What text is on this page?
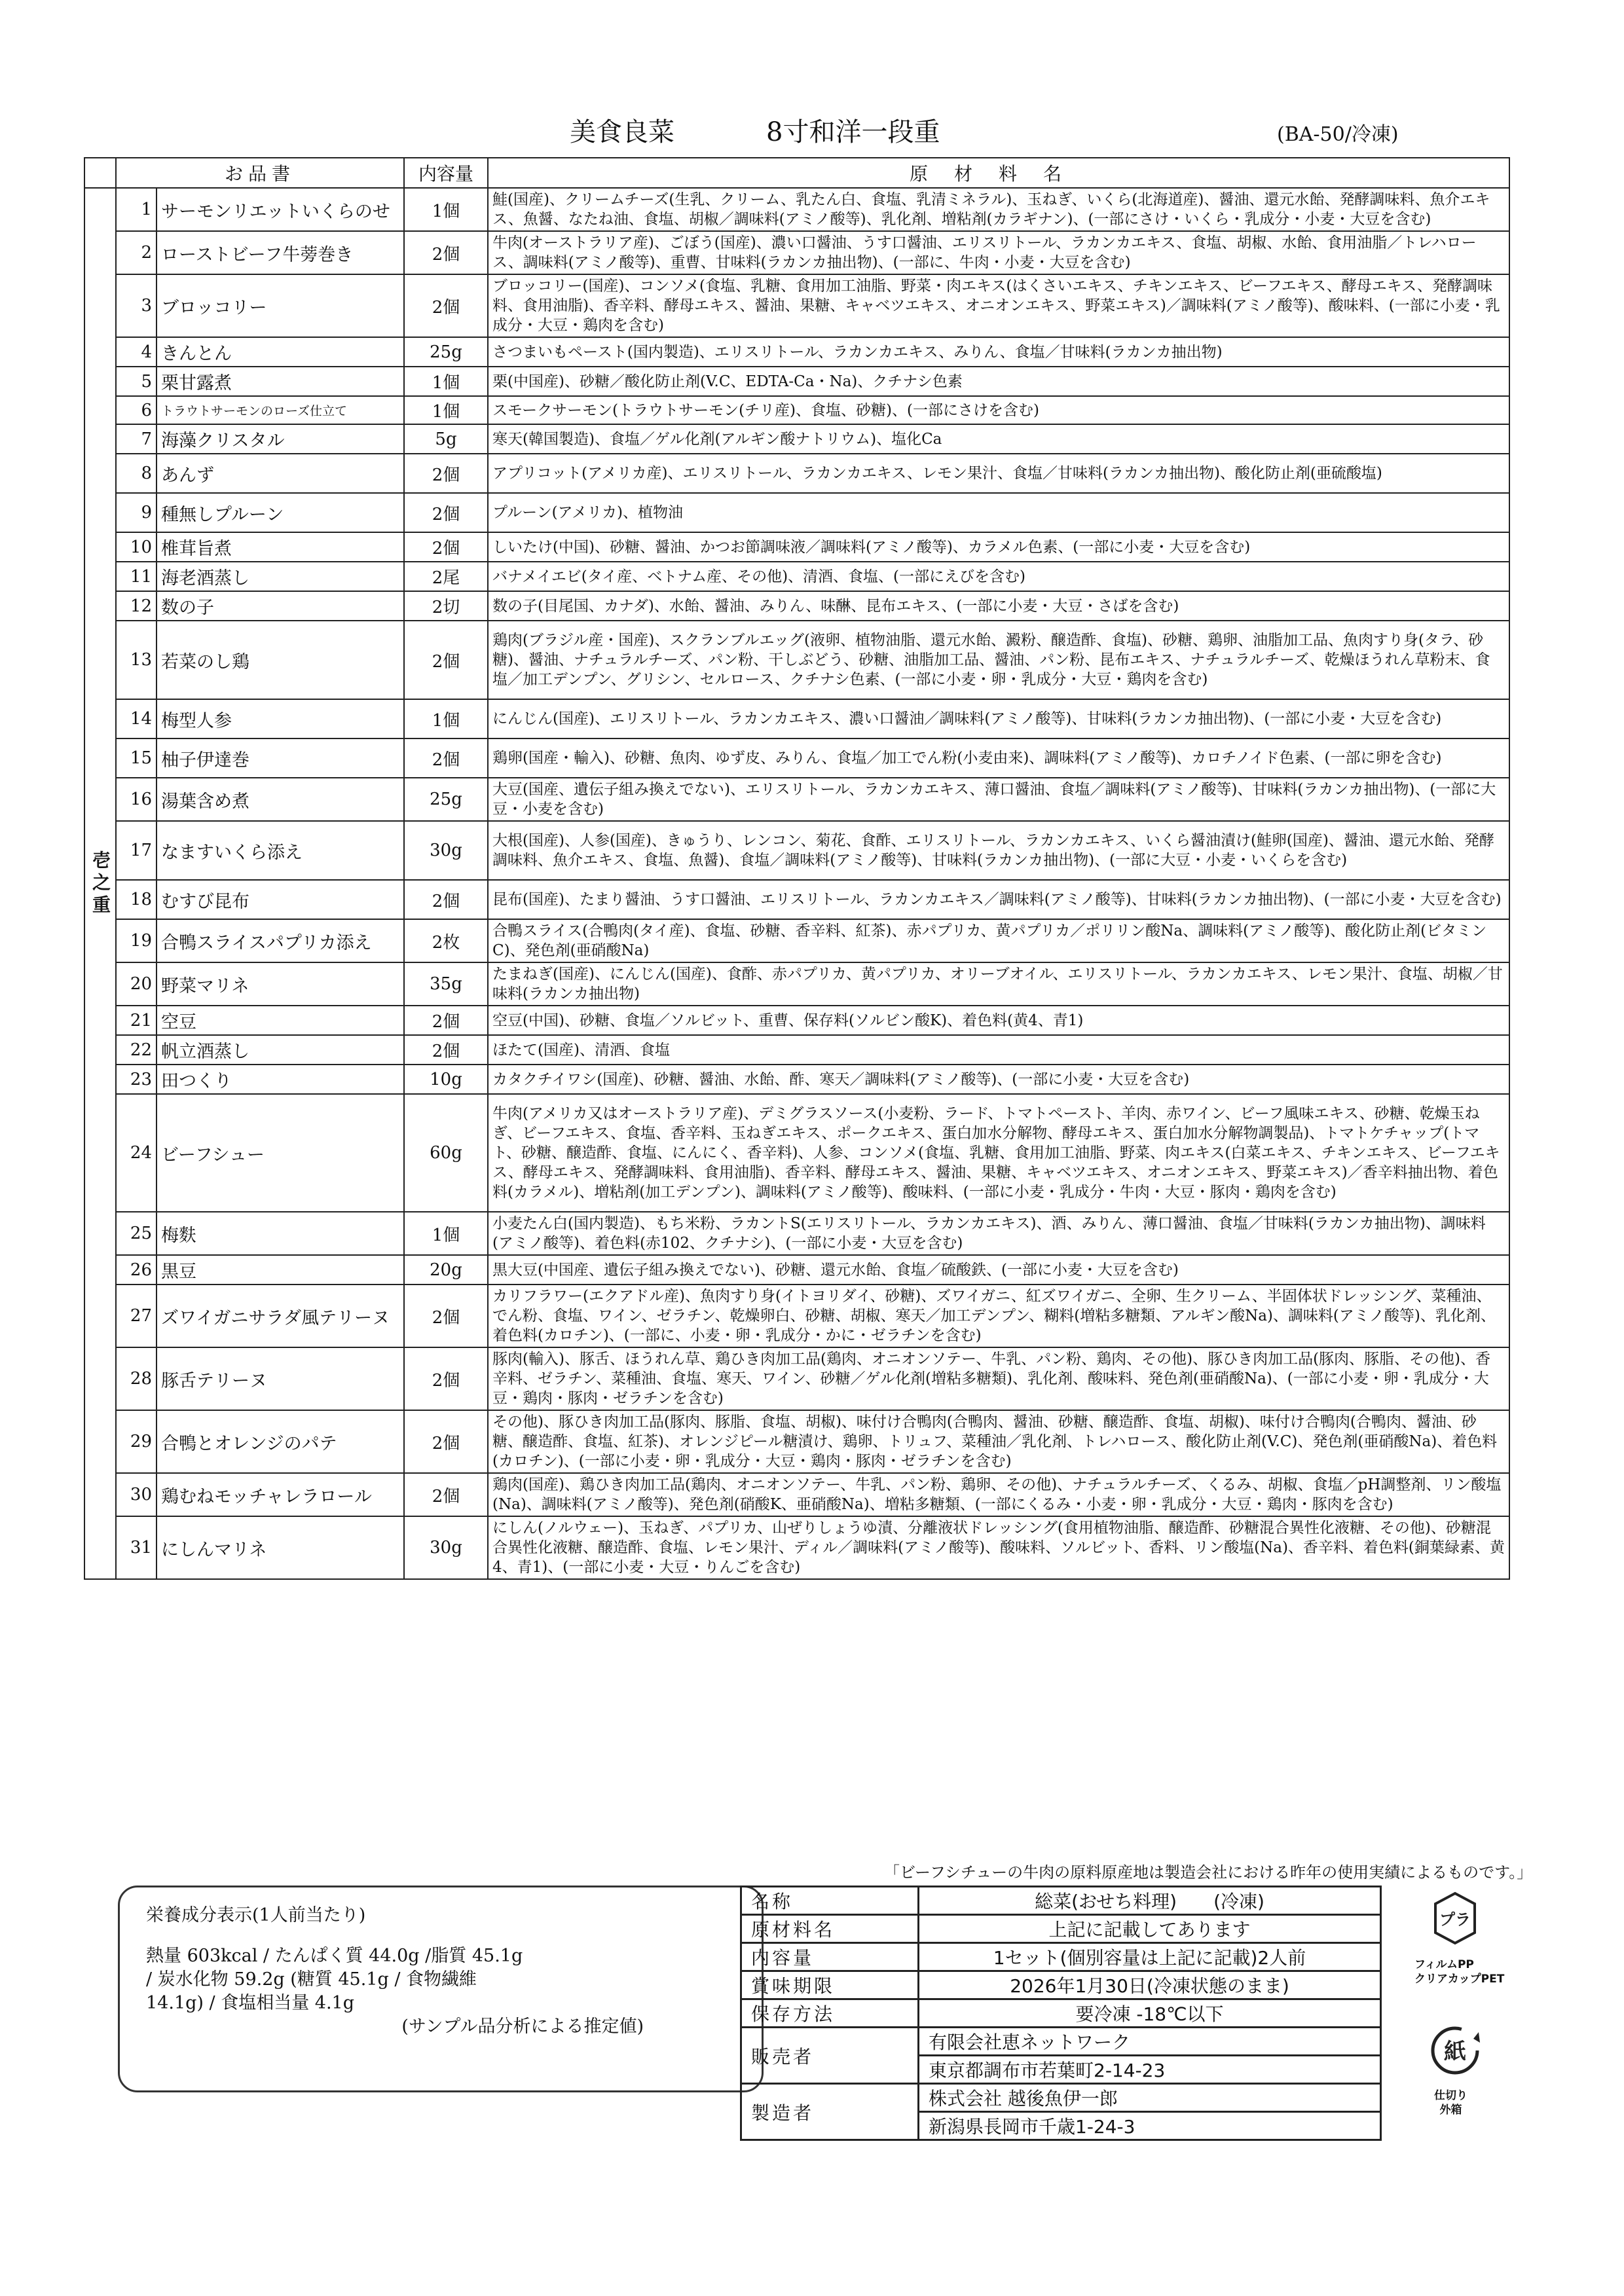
美食良菜	8寸和洋一段重	(BA-50/冷凍)
	お品書		内容量	原材料名
壱之重	1	サーモンリエットいくらのせ	1個	鮭(国産)、クリームチーズ(生乳、クリーム、乳たん白、食塩、乳清ミネラル)、玉ねぎ、いくら(北海道産)、醤油、還元水飴、発酵調味料、魚介エキス、魚醤、なたね油、食塩、胡椒／調味料(アミノ酸等)、乳化剤、増粘剤(カラギナン)、(一部にさけ・いくら・乳成分・小麦・大豆を含む)
	2	ローストビーフ牛蒡巻き	2個	牛肉(オーストラリア産)、ごぼう(国産)、濃い口醤油、うす口醤油、エリスリトール、ラカンカエキス、食塩、胡椒、水飴、食用油脂／トレハロース、調味料(アミノ酸等)、重曹、甘味料(ラカンカ抽出物)、(一部に、牛肉・小麦・大豆を含む)
	3	ブロッコリー	2個	ブロッコリー(国産)、コンソメ(食塩、乳糖、食用加工油脂、野菜・肉エキス(はくさいエキス、チキンエキス、ビーフエキス、酵母エキス、発酵調味料、食用油脂)、香辛料、酵母エキス、醤油、果糖、キャベツエキス、オニオンエキス、野菜エキス)／調味料(アミノ酸等)、酸味料、(一部に小麦・乳成分・大豆・鶏肉を含む)
	4	きんとん	25g	さつまいもペースト(国内製造)、エリスリトール、ラカンカエキス、みりん、食塩／甘味料(ラカンカ抽出物)
	5	栗甘露煮	1個	栗(中国産)、砂糖／酸化防止剤(V.C、EDTA-Ca・Na)、クチナシ色素
	6	トラウトサーモンのローズ仕立て	1個	スモークサーモン(トラウトサーモン(チリ産)、食塩、砂糖)、(一部にさけを含む)
	7	海藻クリスタル	5g	寒天(韓国製造)、食塩／ゲル化剤(アルギン酸ナトリウム)、塩化Ca
	8	あんず	2個	アプリコット(アメリカ産)、エリスリトール、ラカンカエキス、レモン果汁、食塩／甘味料(ラカンカ抽出物)、酸化防止剤(亜硫酸塩)
	9	種無しプルーン	2個	プルーン(アメリカ)、植物油
	10	椎茸旨煮	2個	しいたけ(中国)、砂糖、醤油、かつお節調味液／調味料(アミノ酸等)、カラメル色素、(一部に小麦・大豆を含む)
	11	海老酒蒸し	2尾	バナメイエビ(タイ産、ベトナム産、その他)、清酒、食塩、(一部にえびを含む)
	12	数の子	2切	数の子(目尾国、カナダ)、水飴、醤油、みりん、味醂、昆布エキス、(一部に小麦・大豆・さばを含む)
	13	若菜のし鶏	2個	鶏肉(ブラジル産・国産)、スクランブルエッグ(液卵、植物油脂、還元水飴、澱粉、醸造酢、食塩)、砂糖、鶏卵、油脂加工品、魚肉すり身(タラ、砂糖)、醤油、ナチュラルチーズ、パン粉、干しぶどう、砂糖、油脂加工品、醤油、パン粉、昆布エキス、ナチュラルチーズ、乾燥ほうれん草粉末、食塩／加工デンプン、グリシン、セルロース、クチナシ色素、(一部に小麦・卵・乳成分・大豆・鶏肉を含む)
	14	梅型人参	1個	にんじん(国産)、エリスリトール、ラカンカエキス、濃い口醤油／調味料(アミノ酸等)、甘味料(ラカンカ抽出物)、(一部に小麦・大豆を含む)
	15	柚子伊達巻	2個	鶏卵(国産・輸入)、砂糖、魚肉、ゆず皮、みりん、食塩／加工でん粉(小麦由来)、調味料(アミノ酸等)、カロチノイド色素、(一部に卵を含む)
	16	湯葉含め煮	25g	大豆(国産、遺伝子組み換えでない)、エリスリトール、ラカンカエキス、薄口醤油、食塩／調味料(アミノ酸等)、甘味料(ラカンカ抽出物)、(一部に大豆・小麦を含む)
	17	なますいくら添え	30g	大根(国産)、人参(国産)、きゅうり、レンコン、菊花、食酢、エリスリトール、ラカンカエキス、いくら醤油漬け(鮭卵(国産)、醤油、還元水飴、発酵調味料、魚介エキス、食塩、魚醤)、食塩／調味料(アミノ酸等)、甘味料(ラカンカ抽出物)、(一部に大豆・小麦・いくらを含む)
	18	むすび昆布	2個	昆布(国産)、たまり醤油、うす口醤油、エリスリトール、ラカンカエキス／調味料(アミノ酸等)、甘味料(ラカンカ抽出物)、(一部に小麦・大豆を含む)
	19	合鴨スライスパプリカ添え	2枚	合鴨スライス(合鴨肉(タイ産)、食塩、砂糖、香辛料、紅茶)、赤パプリカ、黄パプリカ／ポリリン酸Na、調味料(アミノ酸等)、酸化防止剤(ビタミンC)、発色剤(亜硝酸Na)
	20	野菜マリネ	35g	たまねぎ(国産)、にんじん(国産)、食酢、赤パプリカ、黄パプリカ、オリーブオイル、エリスリトール、ラカンカエキス、レモン果汁、食塩、胡椒／甘味料(ラカンカ抽出物)
	21	空豆	2個	空豆(中国)、砂糖、食塩／ソルビット、重曹、保存料(ソルビン酸K)、着色料(黄4、青1)
	22	帆立酒蒸し	2個	ほたて(国産)、清酒、食塩
	23	田つくり	10g	カタクチイワシ(国産)、砂糖、醤油、水飴、酢、寒天／調味料(アミノ酸等)、(一部に小麦・大豆を含む)
	24	ビーフシュー	60g	牛肉(アメリカ又はオーストラリア産)、デミグラスソース(小麦粉、ラード、トマトペースト、羊肉、赤ワイン、ビーフ風味エキス、砂糖、乾燥玉ねぎ、ビーフエキス、食塩、香辛料、玉ねぎエキス、ポークエキス、蛋白加水分解物、酵母エキス、蛋白加水分解物調製品)、トマトケチャップ(トマト、砂糖、醸造酢、食塩、にんにく、香辛料)、人参、コンソメ(食塩、乳糖、食用加工油脂、野菜、肉エキス(白菜エキス、チキンエキス、ビーフエキス、酵母エキス、発酵調味料、食用油脂)、香辛料、酵母エキス、醤油、果糖、キャベツエキス、オニオンエキス、野菜エキス)／香辛料抽出物、着色料(カラメル)、増粘剤(加工デンプン)、調味料(アミノ酸等)、酸味料、(一部に小麦・乳成分・牛肉・大豆・豚肉・鶏肉を含む)
	25	梅麩	1個	小麦たん白(国内製造)、もち米粉、ラカントS(エリスリトール、ラカンカエキス)、酒、みりん、薄口醤油、食塩／甘味料(ラカンカ抽出物)、調味料(アミノ酸等)、着色料(赤102、クチナシ)、(一部に小麦・大豆を含む)
	26	黒豆	20g	黒大豆(中国産、遺伝子組み換えでない)、砂糖、還元水飴、食塩／硫酸鉄、(一部に小麦・大豆を含む)
	27	ズワイガニサラダ風テリーヌ	2個	カリフラワー(エクアドル産)、魚肉すり身(イトヨリダイ、砂糖)、ズワイガニ、紅ズワイガニ、全卵、生クリーム、半固体状ドレッシング、菜種油、でん粉、食塩、ワイン、ゼラチン、乾燥卵白、砂糖、胡椒、寒天／加工デンプン、糊料(増粘多糖類、アルギン酸Na)、調味料(アミノ酸等)、乳化剤、着色料(カロチン)、(一部に、小麦・卵・乳成分・かに・ゼラチンを含む)
	28	豚舌テリーヌ	2個	豚肉(輸入)、豚舌、ほうれん草、鶏ひき肉加工品(鶏肉、オニオンソテー、牛乳、パン粉、鶏肉、その他)、豚ひき肉加工品(豚肉、豚脂、その他)、香辛料、ゼラチン、菜種油、食塩、寒天、ワイン、砂糖／ゲル化剤(増粘多糖類)、乳化剤、酸味料、発色剤(亜硝酸Na)、(一部に小麦・卵・乳成分・大豆・鶏肉・豚肉・ゼラチンを含む)
	29	合鴨とオレンジのパテ	2個	その他)、豚ひき肉加工品(豚肉、豚脂、食塩、胡椒)、味付け合鴨肉(合鴨肉、醤油、砂糖、醸造酢、食塩、胡椒)、味付け合鴨肉(合鴨肉、醤油、砂糖、醸造酢、食塩、紅茶)、オレンジピール糖漬け、鶏卵、トリュフ、菜種油／乳化剤、トレハロース、酸化防止剤(V.C)、発色剤(亜硝酸Na)、着色料(カロチン)、(一部に小麦・卵・乳成分・大豆・鶏肉・豚肉・ゼラチンを含む)
	30	鶏むねモッチャレラロール	2個	鶏肉(国産)、鶏ひき肉加工品(鶏肉、オニオンソテー、牛乳、パン粉、鶏卵、その他)、ナチュラルチーズ、くるみ、胡椒、食塩／pH調整剤、リン酸塩(Na)、調味料(アミノ酸等)、発色剤(硝酸K、亜硝酸Na)、増粘多糖類、(一部にくるみ・小麦・卵・乳成分・大豆・鶏肉・豚肉を含む)
	31	にしんマリネ	30g	にしん(ノルウェー)、玉ねぎ、パプリカ、山ぜりしょうゆ漬、分離液状ドレッシング(食用植物油脂、醸造酢、砂糖混合異性化液糖、その他)、砂糖混合異性化液糖、醸造酢、食塩、レモン果汁、ディル／調味料(アミノ酸等)、酸味料、ソルビット、香料、リン酸塩(Na)、香辛料、着色料(銅葉緑素、黄4、青1)、(一部に小麦・大豆・りんごを含む)
「ビーフシチューの牛肉の原料原産地は製造会社における昨年の使用実績によるものです。」
栄養成分表示(1人前当たり)
熱量 603kcal / たんぱく質 44.0g /脂質 45.1g
/ 炭水化物 59.2g (糖質 45.1g / 食物繊維
14.1g) / 食塩相当量 4.1g
(サンプル品分析による推定値)
名称	総菜(おせち料理)　　(冷凍)
原材料名	上記に記載してあります
内容量	1セット(個別容量は上記に記載)2人前
賞味期限	2026年1月30日(冷凍状態のまま)
保存方法	要冷凍 -18℃以下
販売者	有限会社恵ネットワーク
	東京都調布市若葉町2-14-23
製造者	株式会社 越後魚伊一郎
	新潟県長岡市千歳1-24-3
プラ
フィルムPP
クリアカップPET
紙
仕切り
外箱
